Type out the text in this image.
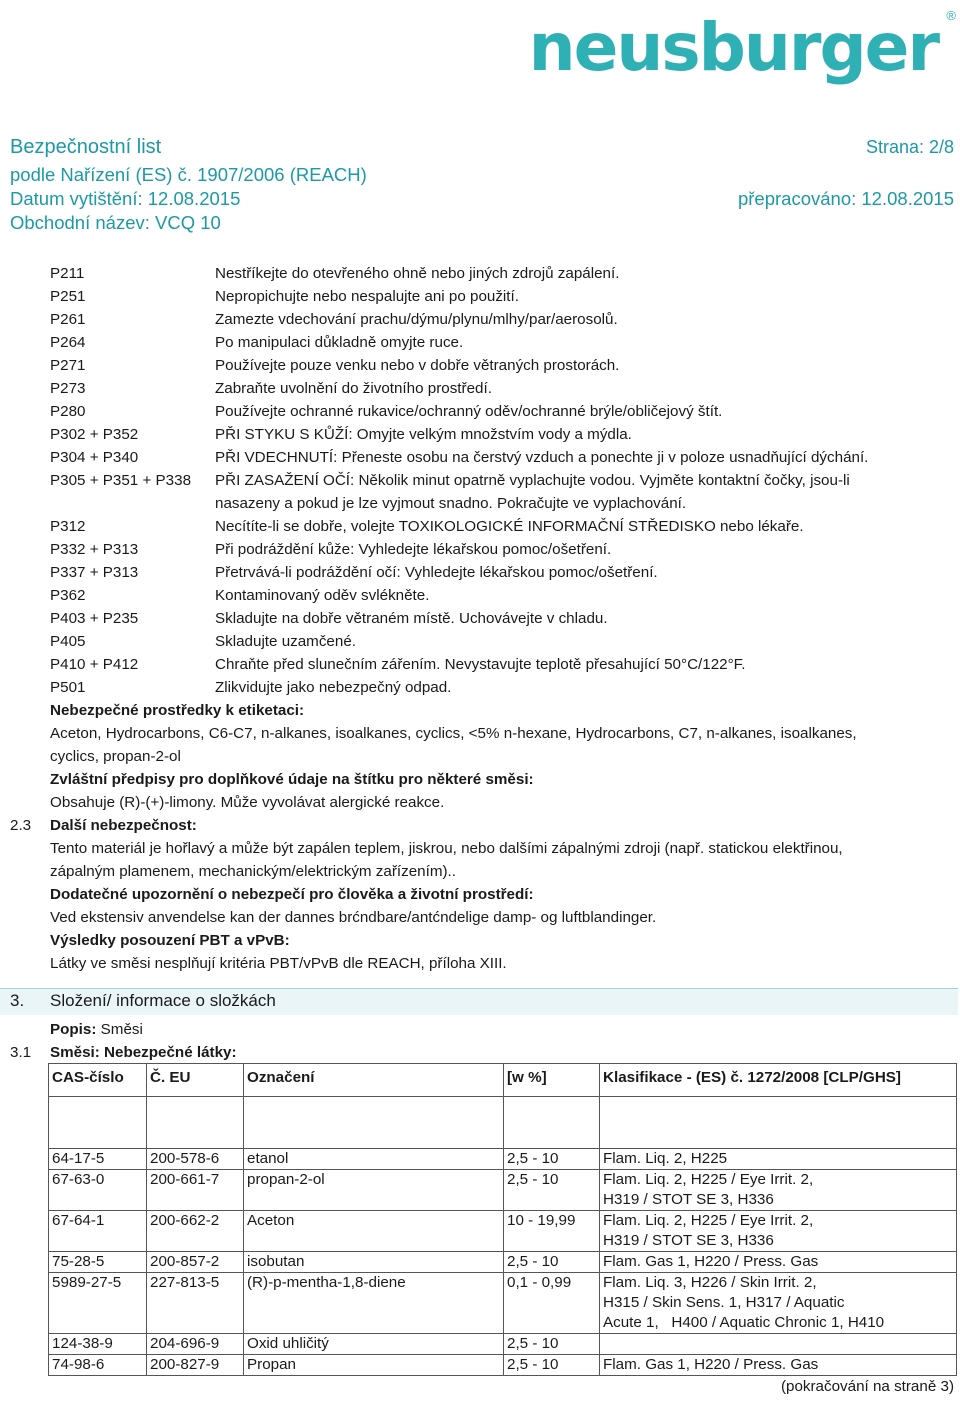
neusburger ®
Bezpečnostní list	Strana: 2/8
podle Nařízení (ES) č. 1907/2006 (REACH)
Datum vytištění: 12.08.2015	přepracováno: 12.08.2015
Obchodní název: VCQ 10
P211	Nestříkejte do otevřeného ohně nebo jiných zdrojů zapálení.
P251	Nepropichujte nebo nespalujte ani po použití.
P261	Zamezte vdechování prachu/dýmu/plynu/mlhy/par/aerosolů.
P264	Po manipulaci důkladně omyjte ruce.
P271	Používejte pouze venku nebo v dobře větraných prostorách.
P273	Zabraňte uvolnění do životního prostředí.
P280	Používejte ochranné rukavice/ochranný oděv/ochranné brýle/obličejový štít.
P302 + P352	PŘI STYKU S KŮŽÍ: Omyjte velkým množstvím vody a mýdla.
P304 + P340	PŘI VDECHNUTÍ: Přeneste osobu na čerstvý vzduch a ponechte ji v poloze usnadňující dýchání.
P305 + P351 + P338 PŘI ZASAŽENÍ OČÍ: Několik minut opatrně vyplachujte vodou. Vyjměte kontaktní čočky, jsou-li
nasazeny a pokud je lze vyjmout snadno. Pokračujte ve vyplachování.
P312	Necítíte-li se dobře, volejte TOXIKOLOGICKÉ INFORMAČNÍ STŘEDISKO nebo lékaře.
P332 + P313	Při podráždění kůže: Vyhledejte lékařskou pomoc/ošetření.
P337 + P313	Přetrvává-li podráždění očí: Vyhledejte lékařskou pomoc/ošetření.
P362	Kontaminovaný oděv svlékněte.
P403 + P235	Skladujte na dobře větraném místě. Uchovávejte v chladu.
P405	Skladujte uzamčené.
P410 + P412	Chraňte před slunečním zářením. Nevystavujte teplotě přesahující 50°C/122°F.
P501	Zlikvidujte jako nebezpečný odpad.
Nebezpečné prostředky k etiketaci:
Aceton, Hydrocarbons, C6-C7, n-alkanes, isoalkanes, cyclics, <5% n-hexane, Hydrocarbons, C7, n-alkanes, isoalkanes,
cyclics, propan-2-ol
Zvláštní předpisy pro doplňkové údaje na štítku pro některé směsi:
Obsahuje (R)-(+)-limony. Může vyvolávat alergické reakce.
2.3 Další nebezpečnost:
Tento materiál je hořlavý a může být zapálen teplem, jiskrou, nebo dalšími zápalnými zdroji (např. statickou elektřinou,
zápalným plamenem, mechanickým/elektrickým zařízením)..
Dodatečné upozornění o nebezpečí pro člověka a životní prostředí:
Ved ekstensiv anvendelse kan der dannes brćndbare/antćndelige damp- og luftblandinger.
Výsledky posouzení PBT a vPvB:
Látky ve směsi nesplňují kritéria PBT/vPvB dle REACH, příloha XIII.
3. Složení/ informace o složkách
Popis: Směsi
3.1 Směsi: Nebezpečné látky:
CAS-číslo	Č. EU	Označení	[w %]	Klasifikace - (ES) č. 1272/2008 [CLP/GHS]

64-17-5	200-578-6	etanol	2,5 - 10	Flam. Liq. 2, H225

67-63-0	200-661-7	propan-2-ol	2,5 - 10	Flam. Liq. 2, H225 / Eye Irrit. 2,
H319 / STOT SE 3, H336

67-64-1	200-662-2	Aceton	10 - 19,99	Flam. Liq. 2, H225 / Eye Irrit. 2,
H319 / STOT SE 3, H336

75-28-5	200-857-2	isobutan	2,5 - 10	Flam. Gas 1, H220 / Press. Gas

5989-27-5	227-813-5	(R)-p-mentha-1,8-diene	0,1 - 0,99	Flam. Liq. 3, H226 / Skin Irrit. 2,
H315 / Skin Sens. 1, H317 / Aquatic
Acute 1,   H400 / Aquatic Chronic 1, H410

124-38-9	204-696-9	Oxid uhličitý	2,5 - 10	

74-98-6	200-827-9	Propan	2,5 - 10	Flam. Gas 1, H220 / Press. Gas
(pokračování na straně 3)
